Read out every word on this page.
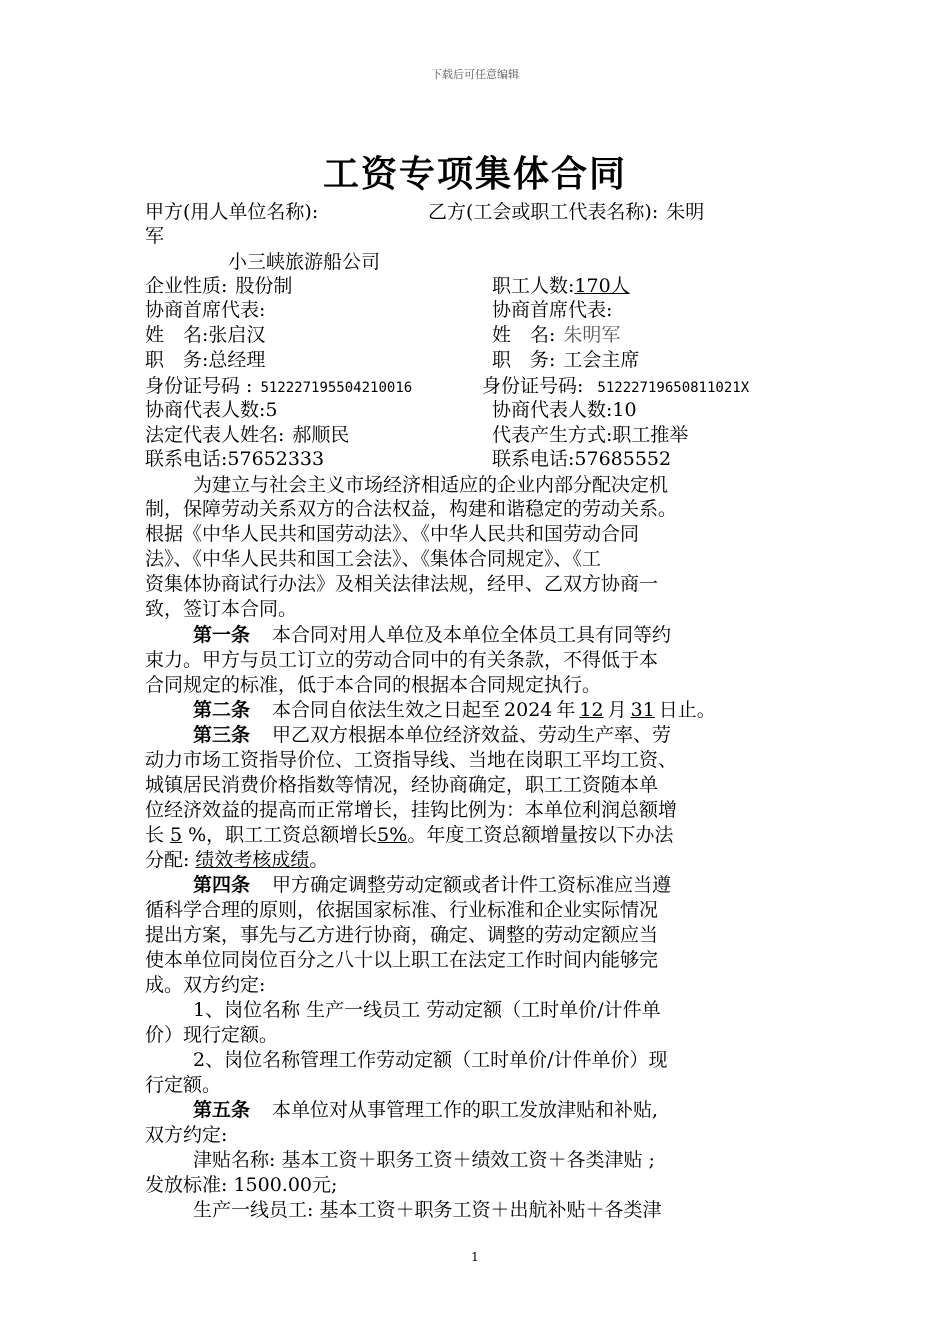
下载后可任意编辑
工资专项集体合同
甲方(用人单位名称):	乙方(工会或职工代表名称): 朱明
军
小三峡旅游船公司
企业性质: 股份制	职工人数:170人
协商首席代表:	协商首席代表:
姓　名:张启汉	姓　名: 朱明军
职　务:总经理	职　务: 工会主席
身份证号码 : 512227195504210016	身份证号码: 51222719650811021X
协商代表人数:5	协商代表人数:10
法定代表人姓名: 郝顺民	代表产生方式:职工推举
联系电话:57652333	联系电话:57685552
为建立与社会主义市场经济相适应的企业内部分配决定机
制，保障劳动关系双方的合法权益，构建和谐稳定的劳动关系。
根据《中华人民共和国劳动法》、《中华人民共和国劳动合同
法》、《中华人民共和国工会法》、《集体合同规定》、《工
资集体协商试行办法》及相关法律法规，经甲、乙双方协商一
致，签订本合同。
第一条 本合同对用人单位及本单位全体员工具有同等约
束力。甲方与员工订立的劳动合同中的有关条款，不得低于本
合同规定的标准，低于本合同的根据本合同规定执行。
第二条 本合同自依法生效之日起至 2024 年 12 月 31 日止。
第三条 甲乙双方根据本单位经济效益、劳动生产率、劳
动力市场工资指导价位、工资指导线、当地在岗职工平均工资、
城镇居民消费价格指数等情况，经协商确定，职工工资随本单
位经济效益的提高而正常增长，挂钩比例为：本单位利润总额增
长 5 %，职工工资总额增长5%。年度工资总额增量按以下办法
分配: 绩效考核成绩。
第四条 甲方确定调整劳动定额或者计件工资标准应当遵
循科学合理的原则，依据国家标准、行业标准和企业实际情况
提出方案，事先与乙方进行协商，确定、调整的劳动定额应当
使本单位同岗位百分之八十以上职工在法定工作时间内能够完
成。双方约定:
1、岗位名称 生产一线员工 劳动定额（工时单价/计件单
价）现行定额。
2、岗位名称管理工作劳动定额（工时单价/计件单价）现
行定额。
第五条 本单位对从事管理工作的职工发放津贴和补贴,
双方约定:
津贴名称: 基本工资＋职务工资＋绩效工资＋各类津贴 ;
发放标准: 1500.00元;
生产一线员工: 基本工资＋职务工资＋出航补贴＋各类津
1
